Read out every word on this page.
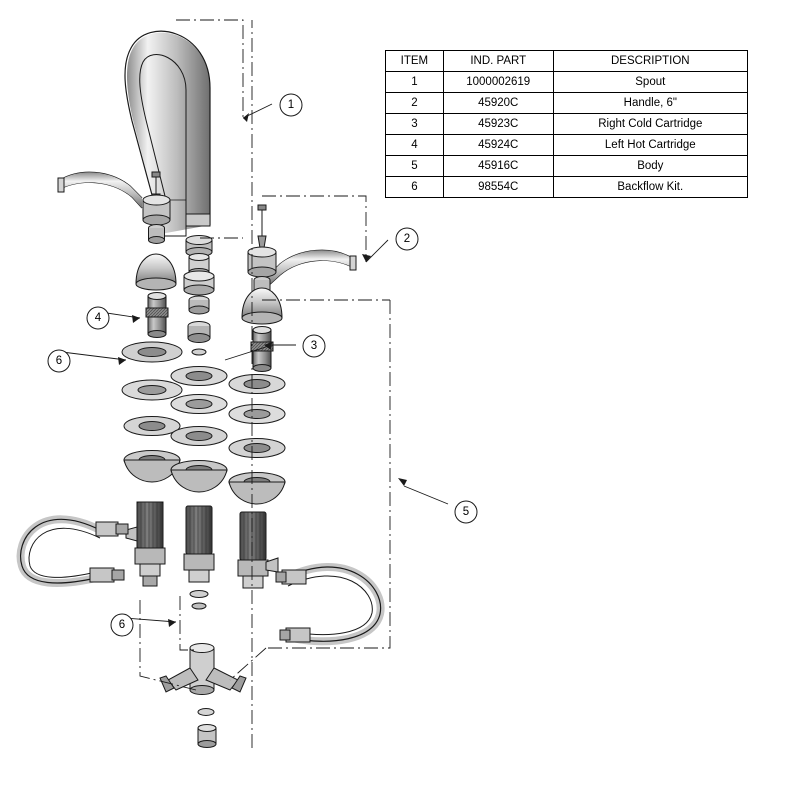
1
2
3
4
6
5
6
ITEM	IND. PART	DESCRIPTION
1	1000002619	Spout
2	45920C	Handle, 6"
3	45923C	Right Cold Cartridge
4	45924C	Left Hot Cartridge
5	45916C	Body
6	98554C	Backflow Kit.
